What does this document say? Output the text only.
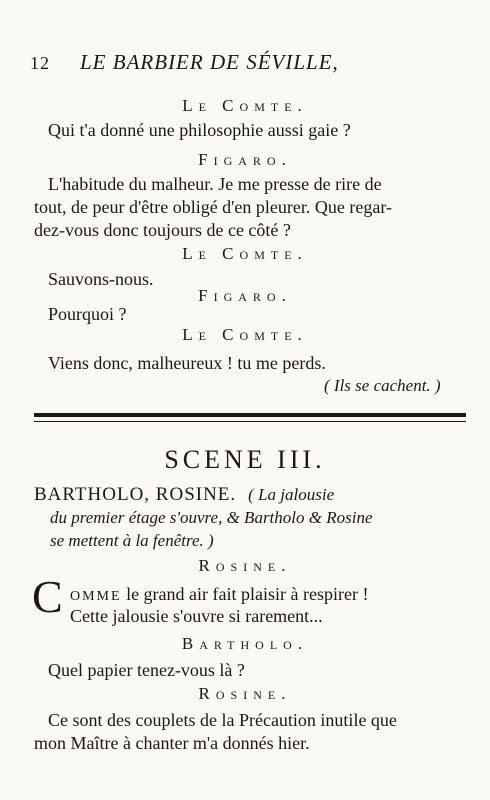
12 LE BARBIER DE SÉVILLE,
Le Comte.
Qui t'a donné une philosophie aussi gaie ?
Figaro.
L'habitude du malheur. Je me presse de rire de
tout, de peur d'être obligé d'en pleurer. Que regar-
dez-vous donc toujours de ce côté ?
Le Comte.
Sauvons-nous.
Figaro.
Pourquoi ?
Le Comte.
Viens donc, malheureux ! tu me perds.
( Ils se cachent. )
SCENE III.
BARTHOLO, ROSINE. ( La jalousie
du premier étage s'ouvre, & Bartholo & Rosine
se mettent à la fenêtre. )
Rosine.
C OMME le grand air fait plaisir à respirer !
Cette jalousie s'ouvre si rarement...
Bartholo.
Quel papier tenez-vous là ?
Rosine.
Ce sont des couplets de la Précaution inutile que
mon Maître à chanter m'a donnés hier.
